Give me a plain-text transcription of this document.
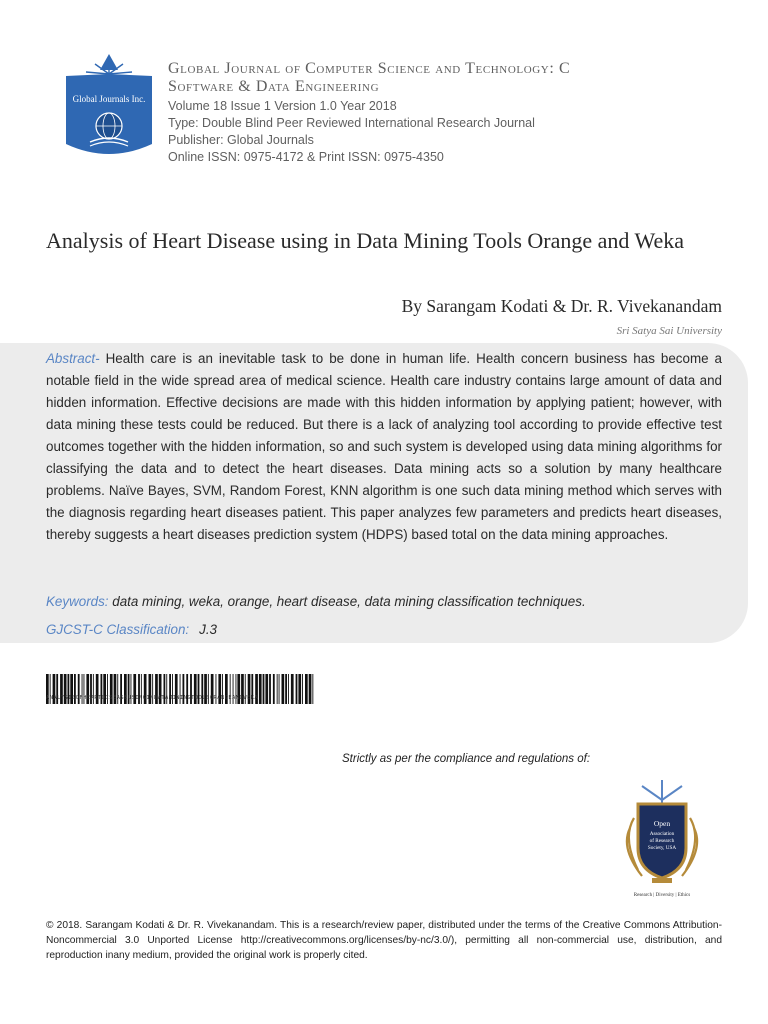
Global Journals Inc.

Global Journal of Computer Science and Technology: C

Software & Data Engineering

Volume 18 Issue 1 Version 1.0 Year 2018

Type: Double Blind Peer Reviewed International Research Journal

Publisher: Global Journals

Online ISSN: 0975-4172 & Print ISSN: 0975-4350

Analysis of Heart Disease using in Data Mining Tools Orange and Weka
By Sarangam Kodati & Dr. R. Vivekanandam
Sri Satya Sai University

Abstract- Health care is an inevitable task to be done in human life. Health concern business has become a notable field in the wide spread area of medical science. Health care industry contains large amount of data and hidden information. Effective decisions are made with this hidden information by applying patient; however, with data mining these tests could be reduced. But there is a lack of analyzing tool according to provide effective test outcomes together with the hidden information, so and such system is developed using data mining algorithms for classifying the data and to detect the heart diseases. Data mining acts so a solution by many healthcare problems. Naïve Bayes, SVM, Random Forest, KNN algorithm is one such data mining method which serves with the diagnosis regarding heart diseases patient. This paper analyzes few parameters and predicts heart diseases, thereby suggests a heart diseases prediction system (HDPS) based total on the data mining approaches.

Keywords: data mining, weka, orange, heart disease, data mining classification techniques.
GJCST-C Classification: J.3
ANALYSISOFHEARTDISEASEUSINGINDATAMININGTOOLSORANGEANDWEKA
Strictly as per the compliance and regulations of:
Open
Association
of Research
Society, USA
Research | Diversity | Ethics

© 2018. Sarangam Kodati & Dr. R. Vivekanandam. This is a research/review paper, distributed under the terms of the Creative Commons Attribution-Noncommercial 3.0 Unported License http://creativecommons.org/licenses/by-nc/3.0/), permitting all non-commercial use, distribution, and reproduction inany medium, provided the original work is properly cited.
